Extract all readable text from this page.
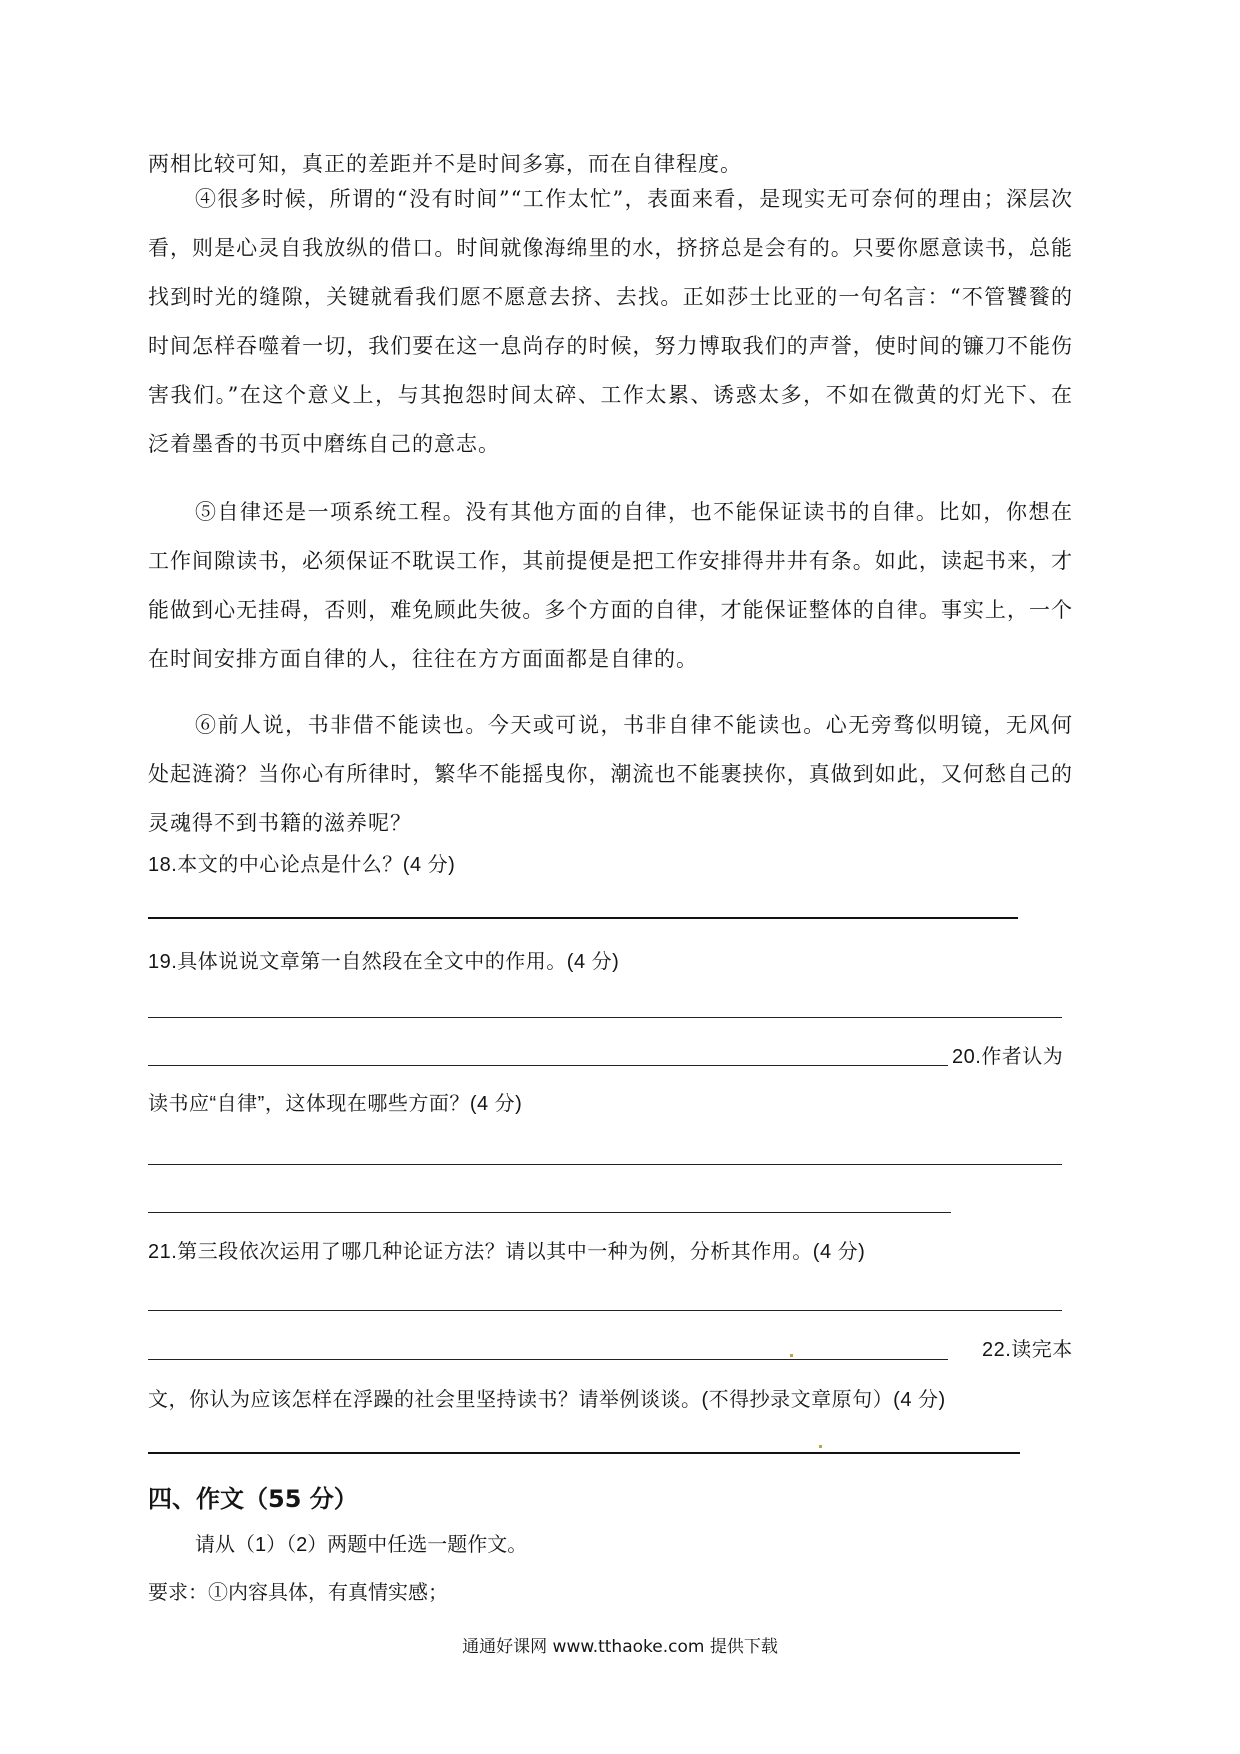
两相比较可知，真正的差距并不是时间多寡，而在自律程度。

④很多时候，所谓的“没有时间”“工作太忙”，表面来看，是现实无可奈何的理由；深层次看，则是心灵自我放纵的借口。时间就像海绵里的水，挤挤总是会有的。只要你愿意读书，总能找到时光的缝隙，关键就看我们愿不愿意去挤、去找。正如莎士比亚的一句名言：“不管饕餮的时间怎样吞噬着一切，我们要在这一息尚存的时候，努力博取我们的声誉，使时间的镰刀不能伤害我们。”在这个意义上，与其抱怨时间太碎、工作太累、诱惑太多，不如在微黄的灯光下、在泛着墨香的书页中磨练自己的意志。

⑤自律还是一项系统工程。没有其他方面的自律，也不能保证读书的自律。比如，你想在工作间隙读书，必须保证不耽误工作，其前提便是把工作安排得井井有条。如此，读起书来，才能做到心无挂碍，否则，难免顾此失彼。多个方面的自律，才能保证整体的自律。事实上，一个在时间安排方面自律的人，往往在方方面面都是自律的。

⑥前人说，书非借不能读也。今天或可说，书非自律不能读也。心无旁骛似明镜，无风何处起涟漪？当你心有所律时，繁华不能摇曳你，潮流也不能裹挟你，真做到如此，又何愁自己的灵魂得不到书籍的滋养呢？

18.本文的中心论点是什么？(4 分)

19.具体说说文章第一自然段在全文中的作用。(4 分)

20.作者认为

读书应“自律”，这体现在哪些方面？(4 分)

21.第三段依次运用了哪几种论证方法？请以其中一种为例，分析其作用。(4 分)

22.读完本

文，你认为应该怎样在浮躁的社会里坚持读书？请举例谈谈。(不得抄录文章原句）(4 分)

四、作文（55 分）

请从（1）（2）两题中任选一题作文。

要求：①内容具体，有真情实感；

通通好课网 www.tthaoke.com 提供下载
